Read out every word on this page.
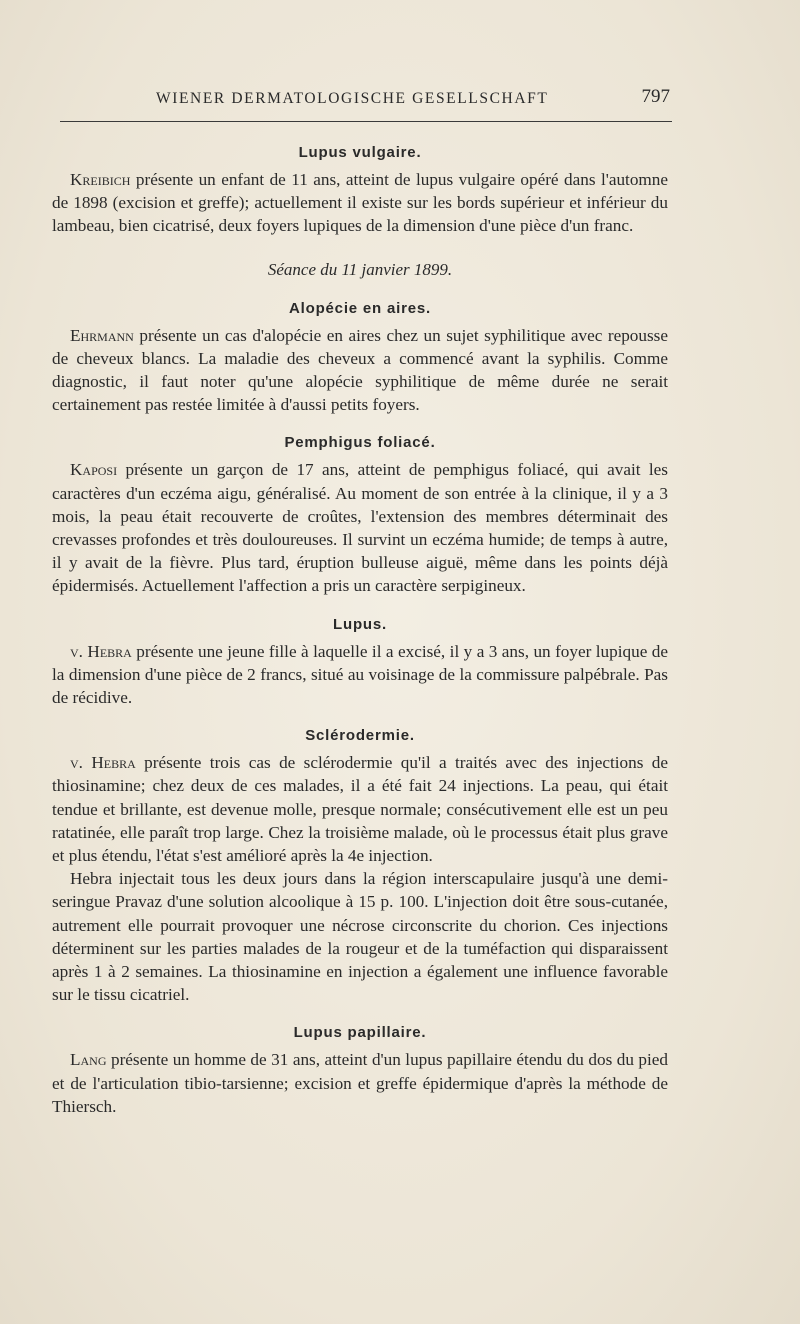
WIENER DERMATOLOGISCHE GESELLSCHAFT	797
Lupus vulgaire.

Kreibich présente un enfant de 11 ans, atteint de lupus vulgaire opéré dans l'automne de 1898 (excision et greffe); actuellement il existe sur les bords supérieur et inférieur du lambeau, bien cicatrisé, deux foyers lupiques de la dimension d'une pièce d'un franc.

Séance du 11 janvier 1899.
Alopécie en aires.

Ehrmann présente un cas d'alopécie en aires chez un sujet syphilitique avec repousse de cheveux blancs. La maladie des cheveux a commencé avant la syphilis. Comme diagnostic, il faut noter qu'une alopécie syphilitique de même durée ne serait certainement pas restée limitée à d'aussi petits foyers.

Pemphigus foliacé.

Kaposi présente un garçon de 17 ans, atteint de pemphigus foliacé, qui avait les caractères d'un eczéma aigu, généralisé. Au moment de son entrée à la clinique, il y a 3 mois, la peau était recouverte de croûtes, l'extension des membres déterminait des crevasses profondes et très douloureuses. Il survint un eczéma humide; de temps à autre, il y avait de la fièvre. Plus tard, éruption bulleuse aiguë, même dans les points déjà épidermisés. Actuellement l'affection a pris un caractère serpigineux.

Lupus.

v. Hebra présente une jeune fille à laquelle il a excisé, il y a 3 ans, un foyer lupique de la dimension d'une pièce de 2 francs, situé au voisinage de la commissure palpébrale. Pas de récidive.

Sclérodermie.

v. Hebra présente trois cas de sclérodermie qu'il a traités avec des injections de thiosinamine; chez deux de ces malades, il a été fait 24 injections. La peau, qui était tendue et brillante, est devenue molle, presque normale; consécutivement elle est un peu ratatinée, elle paraît trop large. Chez la troisième malade, où le processus était plus grave et plus étendu, l'état s'est amélioré après la 4e injection.

Hebra injectait tous les deux jours dans la région interscapulaire jusqu'à une demi-seringue Pravaz d'une solution alcoolique à 15 p. 100. L'injection doit être sous-cutanée, autrement elle pourrait provoquer une nécrose circonscrite du chorion. Ces injections déterminent sur les parties malades de la rougeur et de la tuméfaction qui disparaissent après 1 à 2 semaines. La thiosinamine en injection a également une influence favorable sur le tissu cicatriel.

Lupus papillaire.

Lang présente un homme de 31 ans, atteint d'un lupus papillaire étendu du dos du pied et de l'articulation tibio-tarsienne; excision et greffe épidermique d'après la méthode de Thiersch.
